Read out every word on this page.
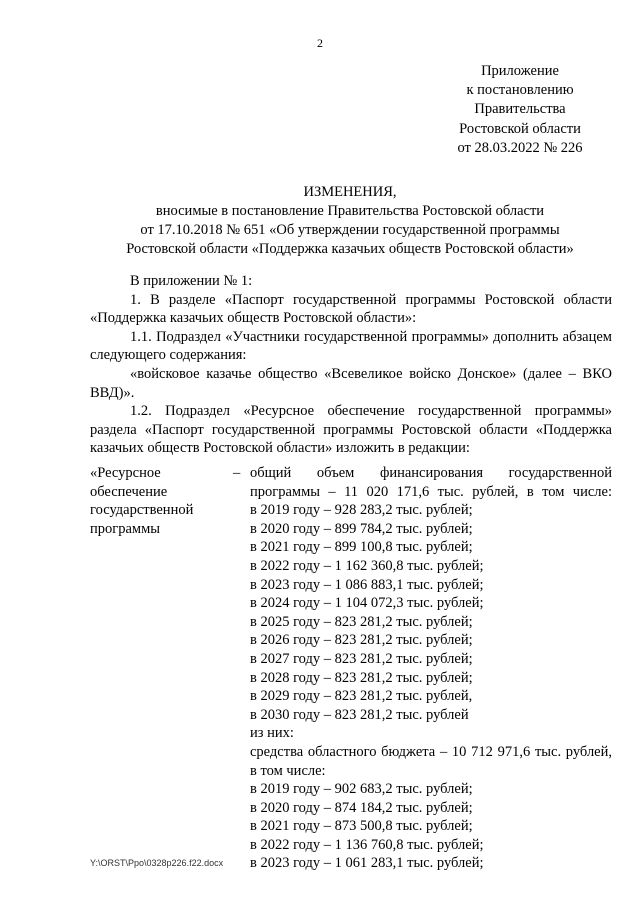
2
Приложение
к постановлению
Правительства
Ростовской области
от 28.03.2022 № 226
ИЗМЕНЕНИЯ,
вносимые в постановление Правительства Ростовской области
от 17.10.2018 № 651 «Об утверждении государственной программы
Ростовской области «Поддержка казачьих обществ Ростовской области»

В приложении № 1:

1. В разделе «Паспорт государственной программы Ростовской области «Поддержка казачьих обществ Ростовской области»:

1.1. Подраздел «Участники государственной программы» дополнить абзацем следующего содержания:

«войсковое казачье общество «Всевеликое войско Донское» (далее – ВКО ВВД)».

1.2. Подраздел «Ресурсное обеспечение государственной программы» раздела «Паспорт государственной программы Ростовской области «Поддержка казачьих обществ Ростовской области» изложить в редакции:

«Ресурсное обеспечение государственной программы
– общий объем финансирования государственной программы – 11 020 171,6 тыс. рублей, в том числе:
в 2019 году – 928 283,2 тыс. рублей;
в 2020 году – 899 784,2 тыс. рублей;
в 2021 году – 899 100,8 тыс. рублей;
в 2022 году – 1 162 360,8 тыс. рублей;
в 2023 году – 1 086 883,1 тыс. рублей;
в 2024 году – 1 104 072,3 тыс. рублей;
в 2025 году – 823 281,2 тыс. рублей;
в 2026 году – 823 281,2 тыс. рублей;
в 2027 году – 823 281,2 тыс. рублей;
в 2028 году – 823 281,2 тыс. рублей;
в 2029 году – 823 281,2 тыс. рублей,
в 2030 году – 823 281,2 тыс. рублей
из них:
средства областного бюджета – 10 712 971,6 тыс. рублей,
в том числе:
в 2019 году – 902 683,2 тыс. рублей;
в 2020 году – 874 184,2 тыс. рублей;
в 2021 году – 873 500,8 тыс. рублей;
в 2022 году – 1 136 760,8 тыс. рублей;
в 2023 году – 1 061 283,1 тыс. рублей;
Y:\ORST\Ppo\0328p226.f22.docx
